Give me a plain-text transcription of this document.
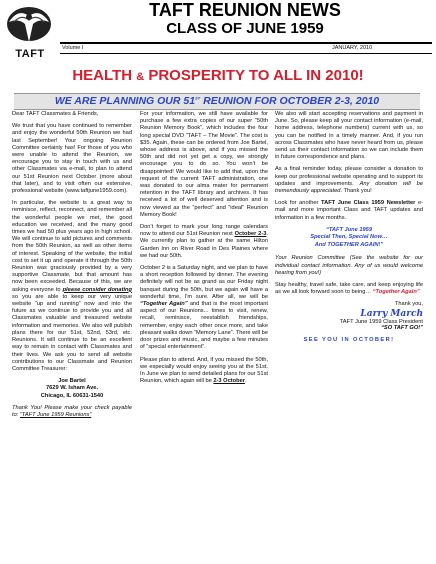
TAFT
TAFT REUNION NEWS
CLASS OF JUNE 1959
Volume I	JANUARY, 2010
HEALTH & PROSPERITY TO ALL IN 2010!
WE ARE PLANNING OUR 51ST REUNION FOR OCTOBER 2-3, 2010

Dear TAFT Classmates & Friends,

We trust that you have continued to remember and enjoy the wonderful 50th Reunion we had last September! Your ongoing Reunion Committee certainly has! For those of you who were unable to attend the Reunion, we encourage you to stay in touch with us and other Classmates via e-mail, to plan to attend our 51st Reunion next October (more about that later), and to visit often our extensive, professional website (www.taftjune1959.com).

In particular, the website is a great way to reminisce, reflect, reconnect, and remember all the wonderful people we met, the good education we received, and the many good times we had 50 plus years ago in high school. We will continue to add pictures and comments from the 50th Reunion, as well as other items of interest. Speaking of the website, the initial cost to set it up and operate it through the 50th Reunion was graciously provided by a very supportive Classmate, but that amount has now been exceeded. Because of this, we are asking everyone to please consider donating so you are able to keep our very unique website “up and running” now and into the future as we continue to provide you and all Classmates valuable and treasured website information and memories. We also will publish plans there for our 51st, 52nd, 53rd, etc. Reunions. It will continue to be an excellent way to remain in contact with Classmates and their lives. We ask you to send all website contributions to our Classmate and Reunion Committee Treasurer:

Joe Bartel
7629 W. Isham Ave.
Chicago, IL 60631-1540

Thank You! Please make your check payable to: “TAFT June 1959 Reunions”

For your information, we still have available for purchase a few extra copies of our super “50th Reunion Memory Book”, which includes the four long special DVD “TAFT – The Movie”. The cost is $35. Again, these can be ordered from Joe Bartel, whose address is above, and if you missed the 50th and did not yet get a copy, we strongly encourage you to do so. You won’t be disappointed! We would like to add that, upon the request of the current TAFT administration, one was donated to our alma mater for permanent retention in the TAFT library and archives. It has received a lot of well deserved attention and is now viewed as the “perfect” and “ideal” Reunion Memory Book!

Don’t forget to mark your long range calendars now to attend our 51st Reunion next October 2-3. We currently plan to gather at the same Hilton Garden Inn on River Road in Des Plaines where we had our 50th.

October 2 is a Saturday night, and we plan to have a short reception followed by dinner. The evening definitely will not be as grand as our Friday night banquet during the 50th, but we again will have a wonderful time, I’m sure. After all, we will be “Together Again” and that is the most important aspect of our Reunions... times to visit, renew, recall, reminisce, reestablish friendships, remember, enjoy each other once more, and take pleasant walks down “Memory Lane”. There will be door prizes and music, and maybe a few minutes of “special entertainment”.

Please plan to attend. And, if you missed the 50th, we especially would enjoy seeing you at the 51st. In June we plan to send detailed plans for our 51st Reunion, which again will be 2-3 October.

We also will start accepting reservations and payment in June. So, please keep all your contact information (e-mail, home address, telephone numbers) current with us, so you can be notified in a timely manner. And, if you run across Classmates who have never heard from us, please send us their contact information so we can include them in future correspondence and plans.

As a final reminder today, please consider a donation to keep our professional website operating and to support its updates and improvements. Any donation will be tremendously appreciated. Thank you!

Look for another TAFT June Class 1959 Newsletter e-mail and more important Class and TAFT updates and information in a few months.

“TAFT June 1959
Special Then, Special Now…
And TOGETHER AGAIN!”

Your Reunion Committee (See the website for our individual contact information. Any of us would welcome hearing from you!)

Stay healthy, travel safe, take care, and keep enjoying life as we all look forward soon to being… “Together Again”

Thank you,
Larry March
TAFT June 1959 Class President
“SO TAFT GO!”
SEE YOU IN OCTOBER!
